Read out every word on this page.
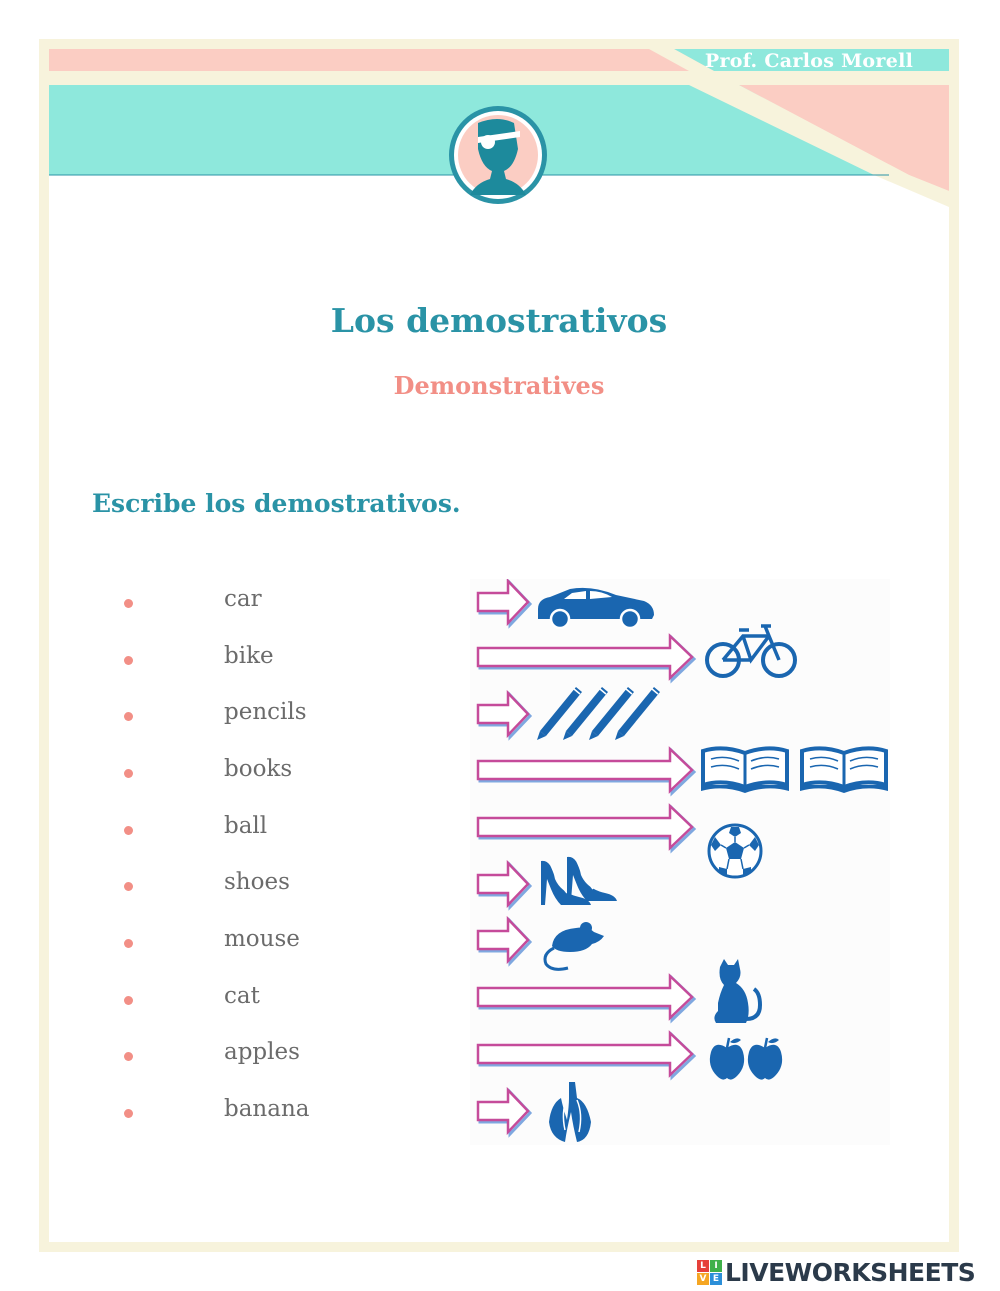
Prof. Carlos Morell
Los demostrativos
Demonstratives
Escribe los demostrativos.
car
bike
pencils
books
ball
shoes
mouse
cat
apples
banana
L I
V E LIVEWORKSHEETS
